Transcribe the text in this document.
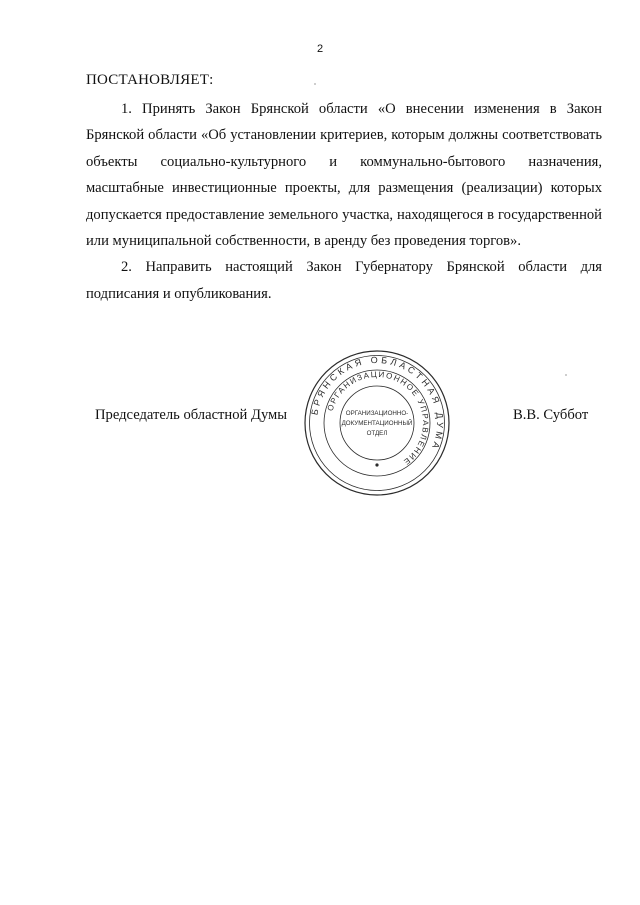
2
ПОСТАНОВЛЯЕТ:

1. Принять Закон Брянской области «О внесении изменения в Закон Брянской области «Об установлении критериев, которым должны соответствовать объекты социально-культурного и коммунально-бытового назначения, масштабные инвестиционные проекты, для размещения (реализации) которых допускается предоставление земельного участка, находящегося в государственной или муниципальной собственности, в аренду без проведения торгов».

2. Направить настоящий Закон Губернатору Брянской области для подписания и опубликования.

Председатель областной Думы	В.В. Суббот
БРЯНСКАЯ ОБЛАСТНАЯ ДУМА
ОРГАНИЗАЦИОННОЕ УПРАВЛЕНИЕ
ОРГАНИЗАЦИОННО-
ДОКУМЕНТАЦИОННЫЙ
ОТДЕЛ
